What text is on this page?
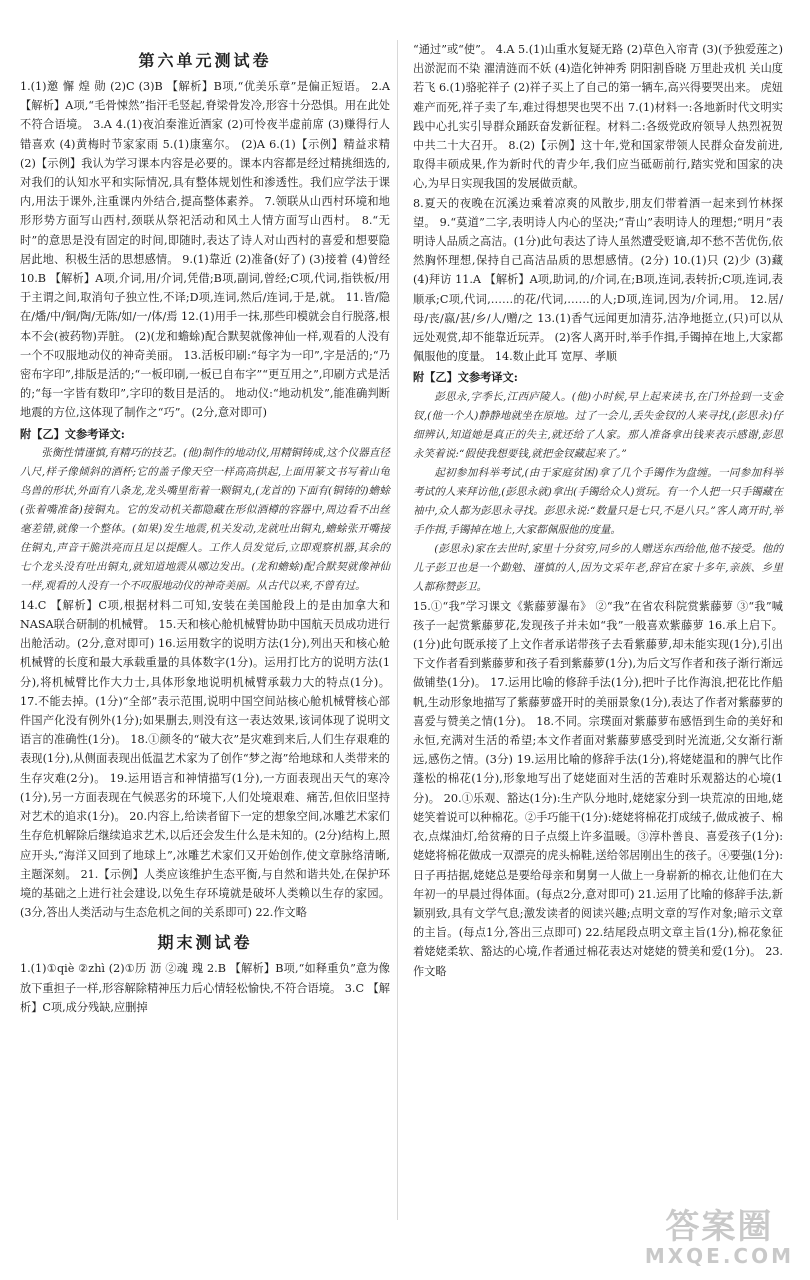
第六单元测试卷

1.(1)邀 懈 煌 勋 (2)C (3)B 【解析】B项,“优美乐章”是偏正短语。 2.A 【解析】A项,“毛骨悚然”指汗毛竖起,脊梁骨发冷,形容十分恐惧。用在此处不符合语境。 3.A 4.(1)夜泊秦淮近酒家 (2)可怜夜半虚前席 (3)赚得行人错喜欢 (4)黄梅时节家家雨 5.(1)康塞尔。 (2)A 6.(1)【示例】精益求精 (2)【示例】我认为学习课本内容是必要的。课本内容都是经过精挑细选的,对我们的认知水平和实际情况,具有整体规划性和渗透性。我们应学法于课内,用法于课外,注重课内外结合,提高整体素养。 7.领联从山西村环境和地形形势方面写山西村,颈联从祭祀活动和风土人情方面写山西村。 8.“无时”的意思是没有固定的时间,即随时,表达了诗人对山西村的喜爱和想要隐居此地、积极生活的思想感情。 9.(1)靠近 (2)准备(好了) (3)接着 (4)曾经 10.B 【解析】A项,介词,用/介词,凭借;B项,副词,曾经;C项,代词,指铁板/用于主谓之间,取消句子独立性,不译;D项,连词,然后/连词,于是,就。 11.皆/隐在/燔/中/铜/陶/无陈/如/一/体/焉 12.(1)用手一抹,那些印模就会自行脱落,根本不会(被药物)弄脏。 (2)(龙和蟾蜍)配合默契就像神仙一样,观看的人没有一个不叹服地动仪的神奇美丽。 13.活板印刷:“每字为一印”,字是活的;“乃密布字印”,排版是活的;“一板印刷,一板已自布字”“更互用之”,印刷方式是活的;“每一字皆有数印”,字印的数目是活的。 地动仪:“地动机发”,能准确判断地震的方位,这体现了制作之“巧”。(2分,意对即可)

附【乙】文参考译文:

张衡性情谨慎,有精巧的技艺。(他)制作的地动仪,用精铜铸成,这个仪器直径八尺,样子像倾斜的酒杯;它的盖子像天空一样高高拱起,上面用篆文书写着山龟鸟兽的形状,外面有八条龙,龙头嘴里衔着一颗铜丸,(龙首的)下面有(铜铸的)蟾蜍(张着嘴准备)接铜丸。它的发动机关都隐藏在形似酒樽的容器中,周边看不出丝毫差错,就像一个整体。(如果)发生地震,机关发动,龙就吐出铜丸,蟾蜍张开嘴接住铜丸,声音干脆洪亮而且足以提醒人。工作人员发觉后,立即观察机器,其余的七个龙头没有吐出铜丸,就知道地震从哪边发出。(龙和蟾蜍)配合默契就像神仙一样,观看的人没有一个不叹服地动仪的神奇美丽。从古代以来,不曾有过。

14.C 【解析】C项,根据材料二可知,安装在美国舱段上的是由加拿大和NASA联合研制的机械臂。 15.天和核心舱机械臂协助中国航天员成功进行出舱活动。(2分,意对即可) 16.运用数字的说明方法(1分),列出天和核心舱机械臂的长度和最大承载重量的具体数字(1分)。运用打比方的说明方法(1分),将机械臂比作大力士,具体形象地说明机械臂承载力大的特点(1分)。 17.不能去掉。(1分)“全部”表示范围,说明中国空间站核心舱机械臂核心部件国产化没有例外(1分);如果删去,则没有这一表达效果,该词体现了说明文语言的准确性(1分)。 18.①颜冬的“破大衣”是灾难到来后,人们生存艰难的表现(1分),从侧面表现出低温艺术家为了创作“梦之海”给地球和人类带来的生存灾难(2分)。 19.运用语言和神情描写(1分),一方面表现出天气的寒冷(1分),另一方面表现在气候恶劣的环境下,人们处境艰难、痛苦,但依旧坚持对艺术的追求(1分)。 20.内容上,给读者留下一定的想象空间,冰雕艺术家们生存危机解除后继续追求艺术,以后还会发生什么是未知的。(2分)结构上,照应开头,“海洋又回到了地球上”,冰雕艺术家们又开始创作,使文章脉络清晰,主题深刻。 21.【示例】人类应该维护生态平衡,与自然和谐共处,在保护环境的基础之上进行社会建设,以免生存环境就是破坏人类赖以生存的家园。(3分,答出人类活动与生态危机之间的关系即可) 22.作文略

期末测试卷

1.(1)①qiè ②zhì (2)①历 沥 ②魂 瑰 2.B 【解析】B项,“如释重负”意为像放下重担子一样,形容解除精神压力后心情轻松愉快,不符合语境。 3.C 【解析】C项,成分残缺,应删掉

“通过”或“使”。 4.A 5.(1)山重水复疑无路 (2)草色入帘青 (3)(予独爱莲之)出淤泥而不染 濯清涟而不妖 (4)造化钟神秀 阴阳割昏晓 万里赴戎机 关山度若飞 6.(1)骆驼祥子 (2)祥子买上了自己的第一辆车,高兴得要哭出来。 虎妞难产而死,祥子卖了车,难过得想哭也哭不出 7.(1)材料一:各地新时代文明实践中心扎实引导群众踊跃奋发新征程。材料二:各级党政府领导人热烈祝贺中共二十大召开。 8.(2)【示例】这十年,党和国家带领人民群众奋发前进,取得丰硕成果,作为新时代的青少年,我们应当砥砺前行,踏实党和国家的决心,为早日实现我国的发展做贡献。

8.夏天的夜晚在沉溪边乘着凉爽的风散步,朋友们带着酒一起来到竹林探望。 9.“莫道”二字,表明诗人内心的坚决;“青山”表明诗人的理想;“明月”表明诗人品质之高洁。(1分)此句表达了诗人虽然遭受贬谪,却不愁不苦优伤,依然胸怀理想,保持自己高洁品质的思想感情。(2分) 10.(1)只 (2)少 (3)藏 (4)拜访 11.A 【解析】A项,助词,的/介词,在;B项,连词,表转折;C项,连词,表顺承;C项,代词,……的花/代词,……的人;D项,连词,因为/介词,用。 12.居/母/丧/嬴/甚/乡/人/赠/之 13.(1)香气远闻更加清芬,洁净地挺立,(只)可以从远处观赏,却不能靠近玩弄。 (2)客人离开时,举手作揖,手镯掉在地上,大家都佩服他的度量。 14.数止此耳 宽厚、孝顺

附【乙】文参考译文:

彭思永,字季长,江西庐陵人。(他)小时候,早上起来读书,在门外捡到一支金钗,(他一个人)静静地就坐在原地。过了一会儿,丢失金钗的人来寻找,(彭思永)仔细辨认,知道她是真正的失主,就还给了人家。那人准备拿出钱来表示感谢,彭思永笑着说:“假使我想要钱,就把金钗藏起来了。”

起初参加科举考试,(由于家庭贫困)拿了几个手镯作为盘缠。一同参加科举考试的人来拜访他,(彭思永就)拿出(手镯给众人)赏玩。有一个人把一只手镯藏在袖中,众人都为彭思永寻找。彭思永说:“数量只是七只,不是八只。”客人离开时,举手作揖,手镯掉在地上,大家都佩服他的度量。

(彭思永)家在去世时,家里十分贫穷,同乡的人赠送东西给他,他不接受。他的儿子彭卫也是一个勤勉、谨慎的人,因为文采年老,辞官在家十多年,亲族、乡里人都称赞彭卫。

15.①“我”学习课文《紫藤萝瀑布》 ②“我”在省农科院赏紫藤萝 ③“我”喊孩子一起赏紫藤萝花,发现孩子并未如“我”一般喜欢紫藤萝 16.承上启下。(1分)此句既承接了上文作者承诺带孩子去看紫藤萝,却未能实现(1分),引出下文作者看到紫藤萝和孩子看到紫藤萝(1分),为后文写作者和孩子渐行渐远做铺垫(1分)。 17.运用比喻的修辞手法(1分),把叶子比作海浪,把花比作船帆,生动形象地描写了紫藤萝盛开时的美丽景象(1分),表达了作者对紫藤萝的喜爱与赞美之情(1分)。 18.不同。宗璞面对紫藤萝布感悟到生命的美好和永恒,充满对生活的希望;本文作者面对紫藤萝感受到时光流逝,父女渐行渐远,感伤之情。(3分) 19.运用比喻的修辞手法(1分),将姥姥温和的脾气比作蓬松的棉花(1分),形象地写出了姥姥面对生活的苦难时乐观豁达的心境(1分)。 20.①乐观、豁达(1分):生产队分地时,姥姥家分到一块荒凉的田地,姥姥笑着说可以种棉花。②手巧能干(1分):姥姥将棉花打成绒子,做成被子、棉衣,点煤油灯,给贫瘠的日子点缀上许多温暖。③淳朴善良、喜爱孩子(1分):姥姥将棉花做成一双漂亮的虎头棉鞋,送给邻居刚出生的孩子。④要强(1分):日子再拮据,姥姥总是要给母亲和舅舅一人做上一身崭新的棉衣,让他们在大年初一的早晨过得体面。(每点2分,意对即可) 21.运用了比喻的修辞手法,新颖别致,具有文学气息;激发读者的阅读兴趣;点明文章的写作对象;暗示文章的主旨。(每点1分,答出三点即可) 22.结尾段点明文章主旨(1分),棉花象征着姥姥柔软、豁达的心境,作者通过棉花表达对姥姥的赞美和爱(1分)。 23.作文略

答案圈
MXQE.COM
